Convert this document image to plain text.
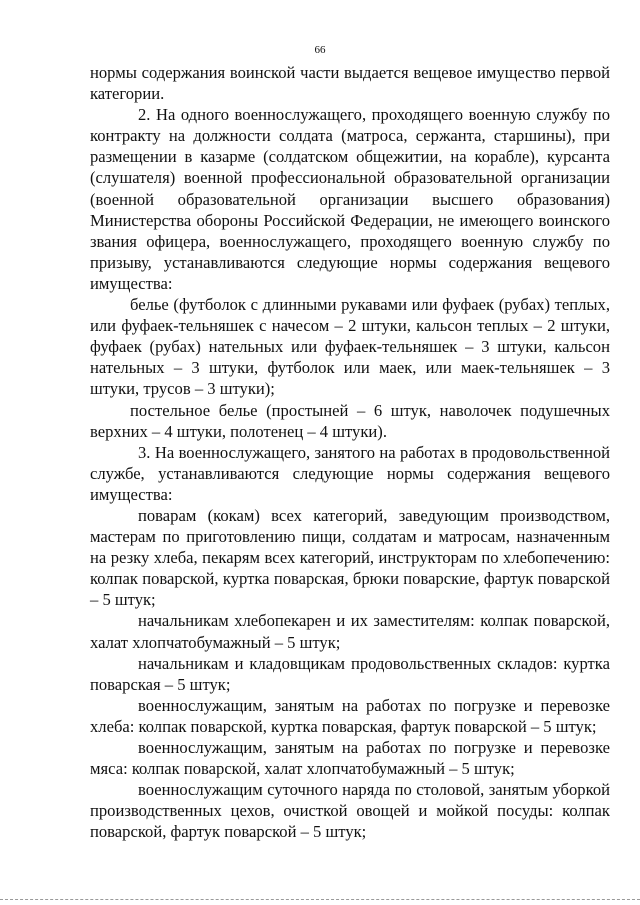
66

нормы содержания воинской части выдается вещевое имущество первой категории.

2. На одного военнослужащего, проходящего военную службу по контракту на должности солдата (матроса, сержанта, старшины), при размещении в казарме (солдатском общежитии, на корабле), курсанта (слушателя) военной профессиональной образовательной организации (военной образовательной организации высшего образования) Министерства обороны Российской Федерации, не имеющего воинского звания офицера, военнослужащего, проходящего военную службу по призыву, устанавливаются следующие нормы содержания вещевого имущества:

белье (футболок с длинными рукавами или фуфаек (рубах) теплых, или фуфаек-тельняшек с начесом – 2 штуки, кальсон теплых – 2 штуки, фуфаек (рубах) нательных или фуфаек-тельняшек – 3 штуки, кальсон нательных – 3 штуки, футболок или маек, или маек-тельняшек – 3 штуки, трусов – 3 штуки);

постельное белье (простыней – 6 штук, наволочек подушечных верхних – 4 штуки, полотенец – 4 штуки).

3. На военнослужащего, занятого на работах в продовольственной службе, устанавливаются следующие нормы содержания вещевого имущества:

поварам (кокам) всех категорий, заведующим производством, мастерам по приготовлению пищи, солдатам и матросам, назначенным на резку хлеба, пекарям всех категорий, инструкторам по хлебопечению: колпак поварской, куртка поварская, брюки поварские, фартук поварской – 5 штук;

начальникам хлебопекарен и их заместителям: колпак поварской, халат хлопчатобумажный – 5 штук;

начальникам и кладовщикам продовольственных складов: куртка поварская – 5 штук;

военнослужащим, занятым на работах по погрузке и перевозке хлеба: колпак поварской, куртка поварская, фартук поварской – 5 штук;

военнослужащим, занятым на работах по погрузке и перевозке мяса: колпак поварской, халат хлопчатобумажный – 5 штук;

военнослужащим суточного наряда по столовой, занятым уборкой производственных цехов, очисткой овощей и мойкой посуды: колпак поварской, фартук поварской – 5 штук;
